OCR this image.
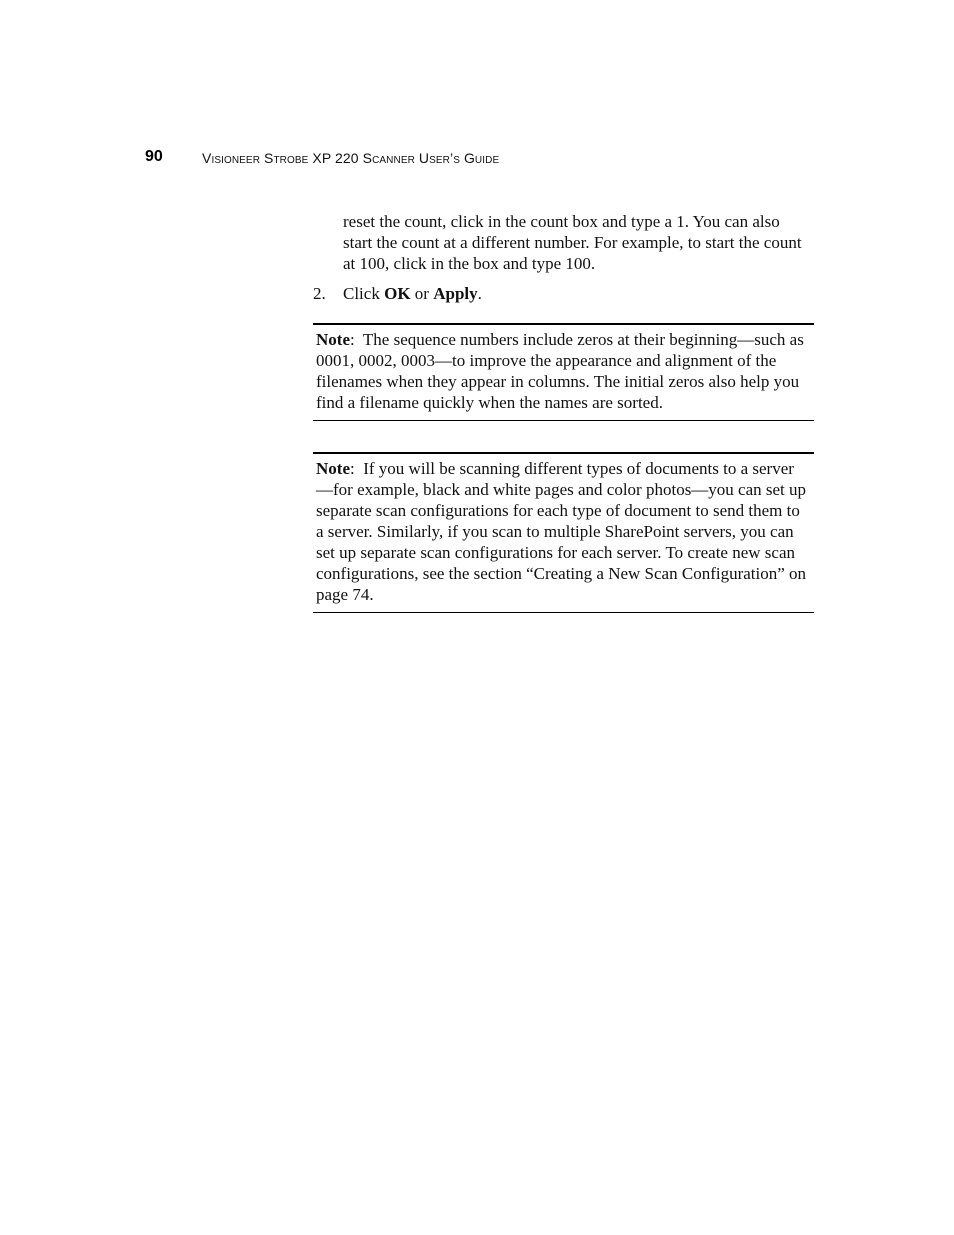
90	Visioneer Strobe XP 220 Scanner User’s Guide

reset the count, click in the count box and type a 1. You can also start the count at a different number. For example, to start the count at 100, click in the box and type 100.

2. Click OK or Apply.

Note:  The sequence numbers include zeros at their beginning—such as 0001, 0002, 0003—to improve the appearance and alignment of the filenames when they appear in columns. The initial zeros also help you find a filename quickly when the names are sorted.

Note:  If you will be scanning different types of documents to a server—for example, black and white pages and color photos—you can set up separate scan configurations for each type of document to send them to a server. Similarly, if you scan to multiple SharePoint servers, you can set up separate scan configurations for each server. To create new scan configurations, see the section “Creating a New Scan Configuration” on page 74.
